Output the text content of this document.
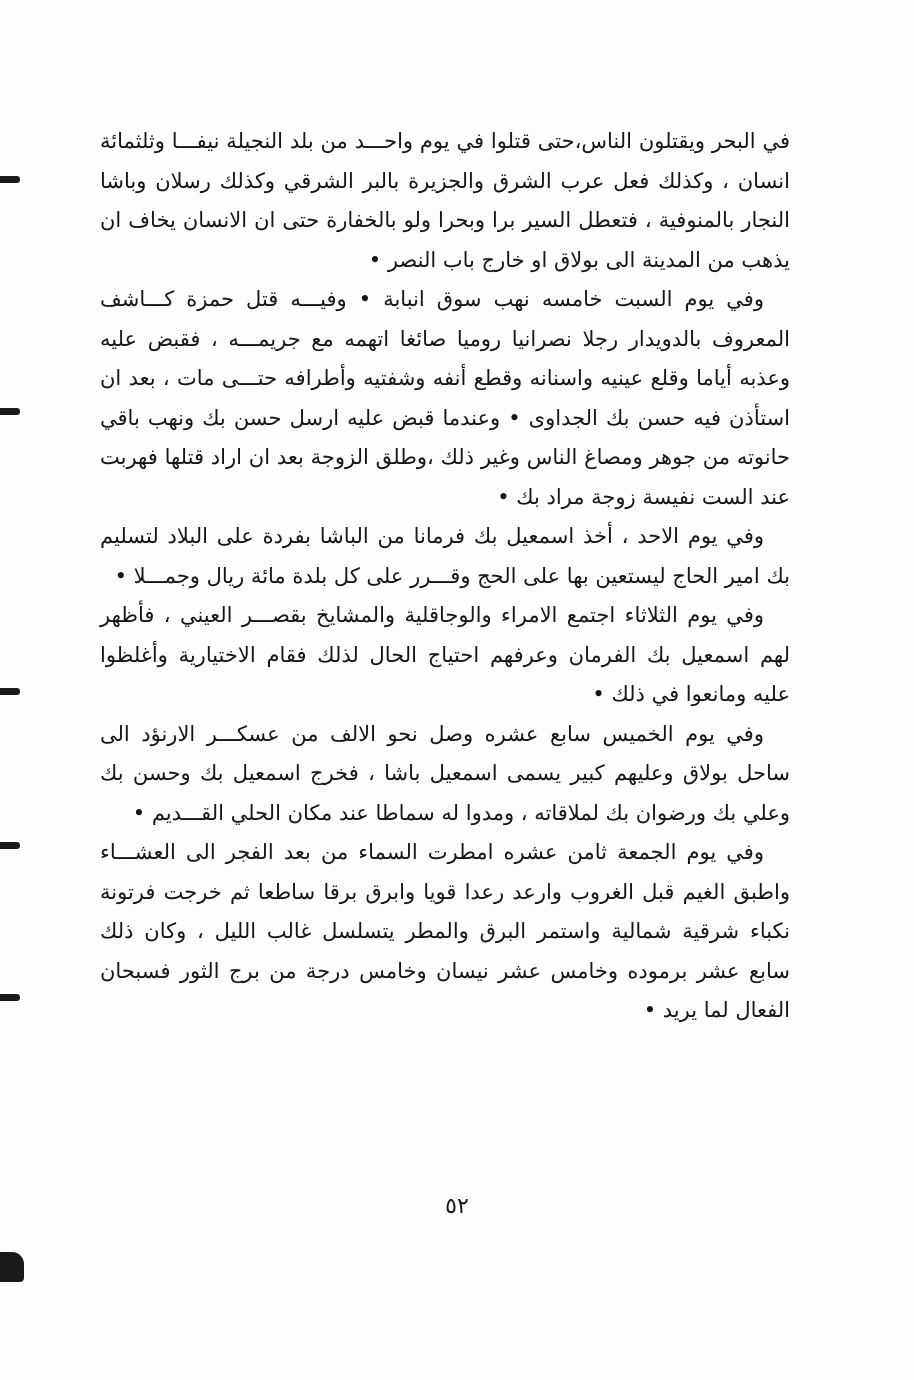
في البحر ويقتلون الناس،حتى قتلوا في يوم واحـــد من بلد النجيلة نيفـــا وثلثمائة انسان ، وكذلك فعل عرب الشرق والجزيرة بالبر الشرقي وكذلك رسلان وباشا النجار بالمنوفية ، فتعطل السير برا وبحرا ولو بالخفارة حتى ان الانسان يخاف ان يذهب من المدينة الى بولاق او خارج باب النصر •

وفي يوم السبت خامسه نهب سوق انبابة • وفيـــه قتل حمزة كـــاشف المعروف بالدويدار رجلا نصرانيا روميا صائغا اتهمه مع جريمـــه ، فقبض عليه وعذبه أياما وقلع عينيه واسنانه وقطع أنفه وشفتيه وأطرافه حتـــى مات ، بعد ان استأذن فيه حسن بك الجداوى • وعندما قبض عليه ارسل حسن بك ونهب باقي حانوته من جوهر ومصاغ الناس وغير ذلك ،وطلق الزوجة بعد ان اراد قتلها فهربت عند الست نفيسة زوجة مراد بك •

وفي يوم الاحد ، أخذ اسمعيل بك فرمانا من الباشا بفردة على البلاد لتسليم بك امير الحاج ليستعين بها على الحج وقـــرر على كل بلدة مائة ريال وجمـــلا •

وفي يوم الثلاثاء اجتمع الامراء والوجاقلية والمشايخ بقصـــر العيني ، فأظهر لهم اسمعيل بك الفرمان وعرفهم احتياج الحال لذلك فقام الاختيارية وأغلظوا عليه ومانعوا في ذلك •

وفي يوم الخميس سابع عشره وصل نحو الالف من عسكـــر الارنؤد الى ساحل بولاق وعليهم كبير يسمى اسمعيل باشا ، فخرج اسمعيل بك وحسن بك وعلي بك ورضوان بك لملاقاته ، ومدوا له سماطا عند مكان الحلي القـــديم •

وفي يوم الجمعة ثامن عشره امطرت السماء من بعد الفجر الى العشـــاء واطبق الغيم قبل الغروب وارعد رعدا قويا وابرق برقا ساطعا ثم خرجت فرتونة نكباء شرقية شمالية واستمر البرق والمطر يتسلسل غالب الليل ، وكان ذلك سابع عشر برموده وخامس عشر نيسان وخامس درجة من برج الثور فسبحان الفعال لما يريد •

٥٢
